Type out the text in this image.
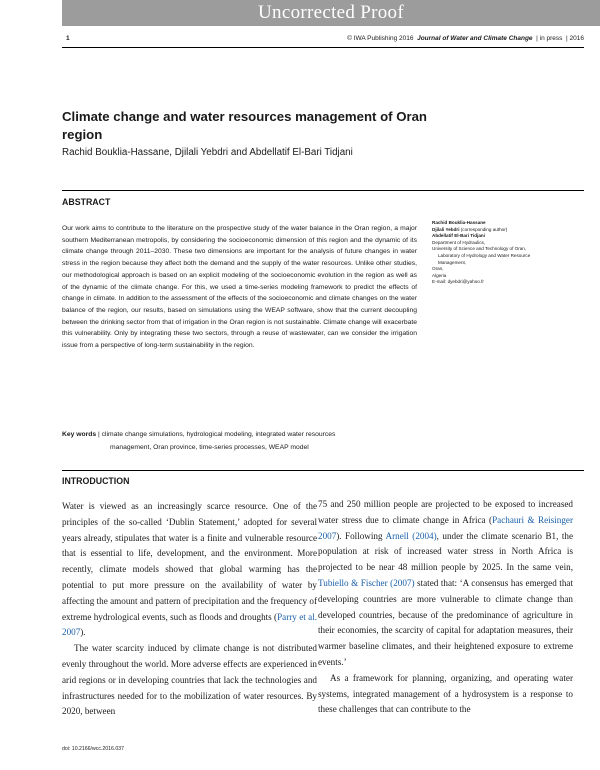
Uncorrected Proof
1	© IWA Publishing 2016 Journal of Water and Climate Change  | in press  | 2016
Climate change and water resources management of Oran
region
Rachid Bouklia-Hassane, Djilali Yebdri and Abdellatif El-Bari Tidjani
ABSTRACT
Our work aims to contribute to the literature on the prospective study of the water balance in the Oran region, a major southern Mediterranean metropolis, by considering the socioeconomic dimension of this region and the dynamic of its climate change through 2011–2030. These two dimensions are important for the analysis of future changes in water stress in the region because they affect both the demand and the supply of the water resources. Unlike other studies, our methodological approach is based on an explicit modeling of the socioeconomic evolution in the region as well as of the dynamic of the climate change. For this, we used a time-series modeling framework to predict the effects of change in climate. In addition to the assessment of the effects of the socioeconomic and climate changes on the water balance of the region, our results, based on simulations using the WEAP software, show that the current decoupling between the drinking sector from that of irrigation in the Oran region is not sustainable. Climate change will exacerbate this vulnerability. Only by integrating these two sectors, through a reuse of wastewater, can we consider the irrigation issue from a perspective of long-term sustainability in the region.
Key words | climate change simulations, hydrological modeling, integrated water resources
management, Oran province, time-series processes, WEAP model
Rachid Bouklia-Hassane
Djilali Yebdri (corresponding author)
Abdellatif El-Bari Tidjani
Department of Hydraulics,
University of Science and Technology of Oran,
Laboratory of Hydrology and Water Resource
Management,
Oran,
Algeria
E-mail: dyebdri@yahoo.fr
INTRODUCTION

Water is viewed as an increasingly scarce resource. One of the principles of the so-called ‘Dublin Statement,’ adopted for several years already, stipulates that water is a finite and vulnerable resource that is essential to life, development, and the environment. More recently, climate models showed that global warming has the potential to put more pressure on the availability of water by affecting the amount and pattern of precipitation and the frequency of extreme hydrological events, such as floods and droughts (Parry et al. 2007).

The water scarcity induced by climate change is not distributed evenly throughout the world. More adverse effects are experienced in arid regions or in developing countries that lack the technologies and infrastructures needed for to the mobilization of water resources. By 2020, between

75 and 250 million people are projected to be exposed to increased water stress due to climate change in Africa (Pachauri & Reisinger 2007). Following Arnell (2004), under the climate scenario B1, the population at risk of increased water stress in North Africa is projected to be near 48 million people by 2025. In the same vein, Tubiello & Fischer (2007) stated that: ‘A consensus has emerged that developing countries are more vulnerable to climate change than developed countries, because of the predominance of agriculture in their economies, the scarcity of capital for adaptation measures, their warmer baseline climates, and their heightened exposure to extreme events.’

As a framework for planning, organizing, and operating water systems, integrated management of a hydrosystem is a response to these challenges that can contribute to the

doi: 10.2166/wcc.2016.037
